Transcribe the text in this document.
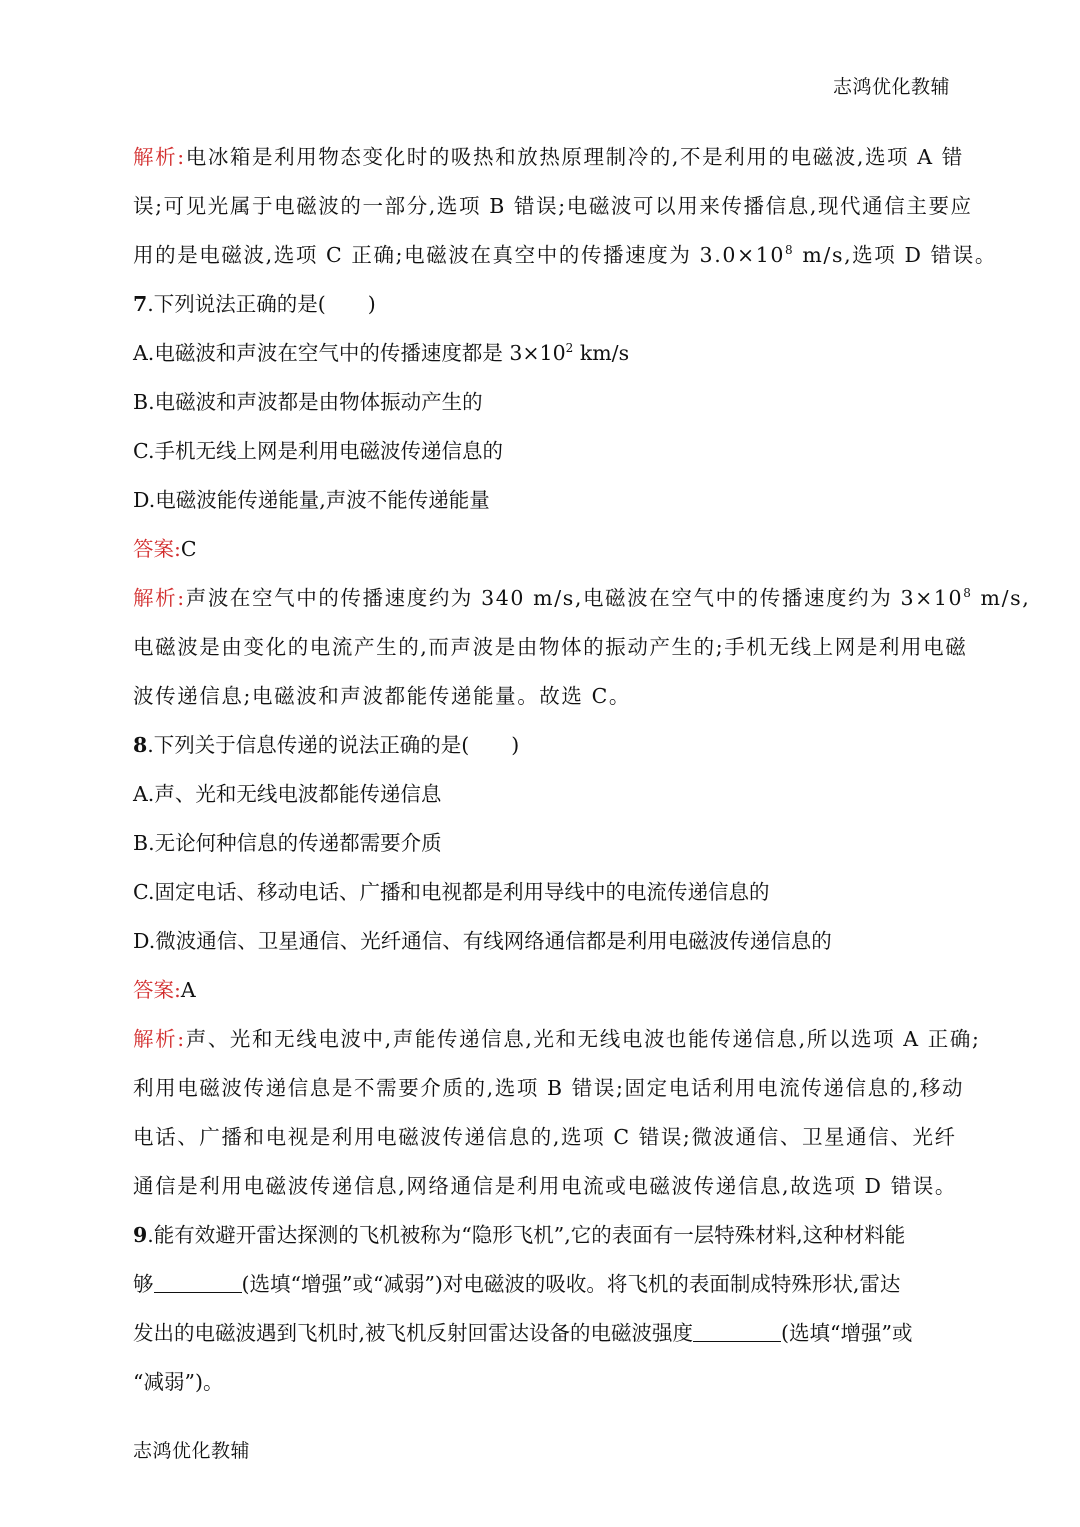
志鸿优化教辅
解析:电冰箱是利用物态变化时的吸热和放热原理制冷的,不是利用的电磁波,选项 A 错
误;可见光属于电磁波的一部分,选项 B 错误;电磁波可以用来传播信息,现代通信主要应
用的是电磁波,选项 C 正确;电磁波在真空中的传播速度为 $3.0\times 10^8$ m/s,选项 D 错误。
7.下列说法正确的是( )
A.电磁波和声波在空气中的传播速度都是 $3\times 10^2$ km/s
B.电磁波和声波都是由物体振动产生的
C.手机无线上网是利用电磁波传递信息的
D.电磁波能传递能量,声波不能传递能量
答案:C
解析:声波在空气中的传播速度约为 340 m/s,电磁波在空气中的传播速度约为 $3\times 10^8$ m/s,
电磁波是由变化的电流产生的,而声波是由物体的振动产生的;手机无线上网是利用电磁
波传递信息;电磁波和声波都能传递能量。故选 C。
8.下列关于信息传递的说法正确的是( )
A.声、光和无线电波都能传递信息
B.无论何种信息的传递都需要介质
C.固定电话、移动电话、广播和电视都是利用导线中的电流传递信息的
D.微波通信、卫星通信、光纤通信、有线网络通信都是利用电磁波传递信息的
答案:A
解析:声、光和无线电波中,声能传递信息,光和无线电波也能传递信息,所以选项 A 正确;
利用电磁波传递信息是不需要介质的,选项 B 错误;固定电话利用电流传递信息的,移动
电话、广播和电视是利用电磁波传递信息的,选项 C 错误;微波通信、卫星通信、光纤
通信是利用电磁波传递信息,网络通信是利用电流或电磁波传递信息,故选项 D 错误。
9.能有效避开雷达探测的飞机被称为“隐形飞机”,它的表面有一层特殊材料,这种材料能
够	(选填“增强”或“减弱”)对电磁波的吸收。将飞机的表面制成特殊形状,雷达
发出的电磁波遇到飞机时,被飞机反射回雷达设备的电磁波强度	(选填“增强”或
“减弱”)。
志鸿优化教辅
